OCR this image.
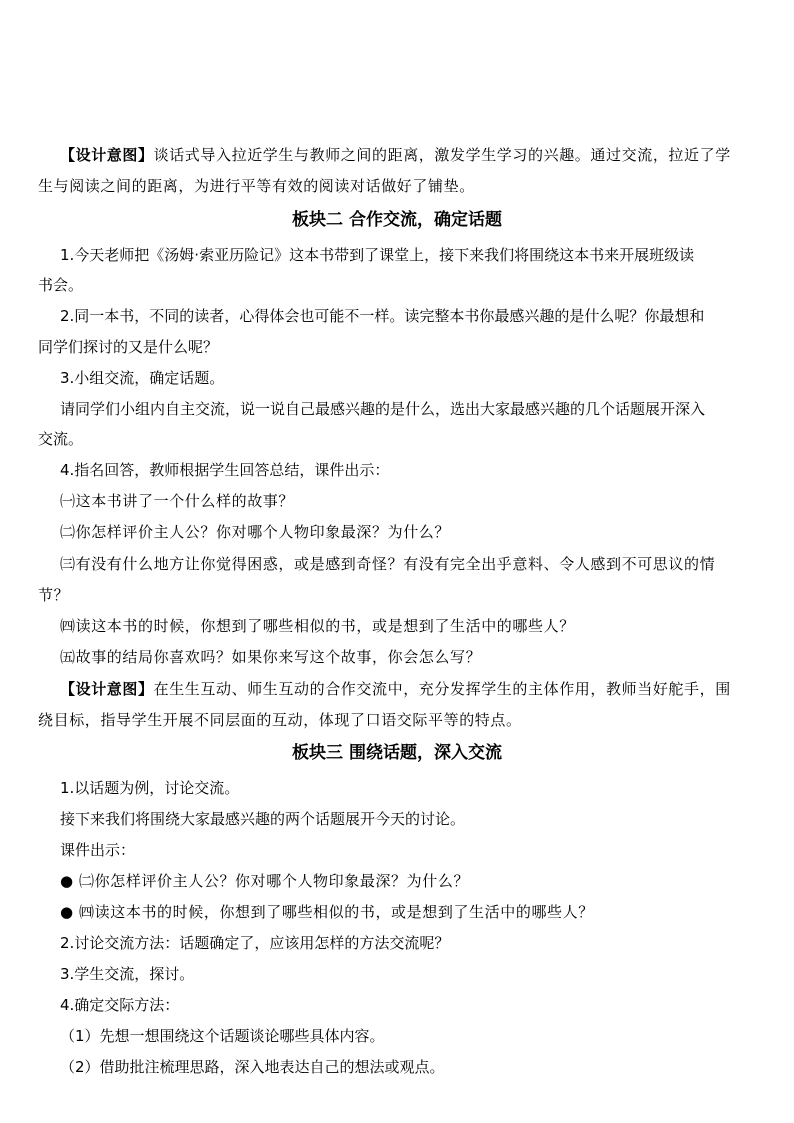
【设计意图】谈话式导入拉近学生与教师之间的距离，激发学生学习的兴趣。通过交流，拉近了学
生与阅读之间的距离，为进行平等有效的阅读对话做好了铺垫。
板块二 合作交流，确定话题
1.今天老师把《汤姆·索亚历险记》这本书带到了课堂上，接下来我们将围绕这本书来开展班级读
书会。
2.同一本书，不同的读者，心得体会也可能不一样。读完整本书你最感兴趣的是什么呢？你最想和
同学们探讨的又是什么呢？
3.小组交流，确定话题。
请同学们小组内自主交流，说一说自己最感兴趣的是什么，选出大家最感兴趣的几个话题展开深入
交流。
4.指名回答，教师根据学生回答总结，课件出示：
㈠这本书讲了一个什么样的故事？
㈡你怎样评价主人公？你对哪个人物印象最深？为什么？
㈢有没有什么地方让你觉得困惑，或是感到奇怪？有没有完全出乎意料、令人感到不可思议的情
节？
㈣读这本书的时候，你想到了哪些相似的书，或是想到了生活中的哪些人？
㈤故事的结局你喜欢吗？如果你来写这个故事，你会怎么写？
【设计意图】在生生互动、师生互动的合作交流中，充分发挥学生的主体作用，教师当好舵手，围
绕目标，指导学生开展不同层面的互动，体现了口语交际平等的特点。
板块三 围绕话题，深入交流
1.以话题为例，讨论交流。
接下来我们将围绕大家最感兴趣的两个话题展开今天的讨论。
课件出示：
● ㈡你怎样评价主人公？你对哪个人物印象最深？为什么？
● ㈣读这本书的时候，你想到了哪些相似的书，或是想到了生活中的哪些人？
2.讨论交流方法：话题确定了，应该用怎样的方法交流呢？
3.学生交流，探讨。
4.确定交际方法：
（1）先想一想围绕这个话题谈论哪些具体内容。
（2）借助批注梳理思路，深入地表达自己的想法或观点。
